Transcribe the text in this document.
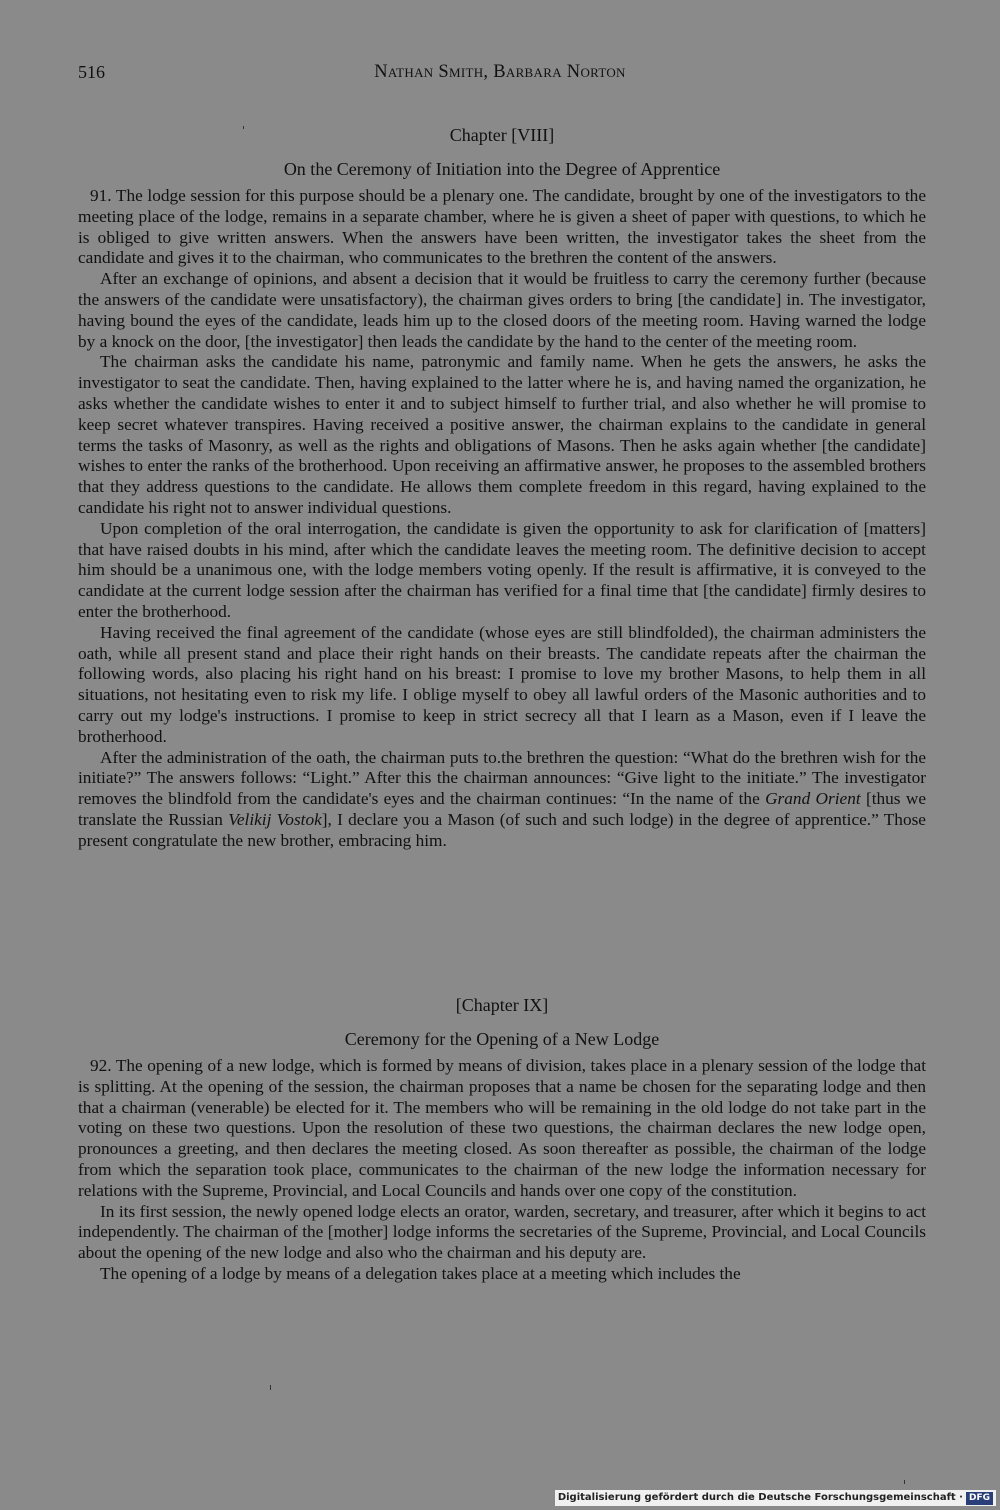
516	Nathan Smith, Barbara Norton
Chapter [VIII]
On the Ceremony of Initiation into the Degree of Apprentice

91. The lodge session for this purpose should be a plenary one. The candidate, brought by one of the investigators to the meeting place of the lodge, remains in a separate chamber, where he is given a sheet of paper with questions, to which he is obliged to give written answers. When the answers have been written, the investigator takes the sheet from the candidate and gives it to the chairman, who communicates to the brethren the content of the answers.

After an exchange of opinions, and absent a decision that it would be fruitless to carry the ceremony further (because the answers of the candidate were unsatisfactory), the chairman gives orders to bring [the candidate] in. The investigator, having bound the eyes of the candidate, leads him up to the closed doors of the meeting room. Having warned the lodge by a knock on the door, [the investigator] then leads the candidate by the hand to the center of the meeting room.

The chairman asks the candidate his name, patronymic and family name. When he gets the answers, he asks the investigator to seat the candidate. Then, having explained to the latter where he is, and having named the organization, he asks whether the candidate wishes to enter it and to subject himself to further trial, and also whether he will promise to keep secret whatever transpires. Having received a positive answer, the chairman explains to the candidate in general terms the tasks of Masonry, as well as the rights and obligations of Masons. Then he asks again whether [the candidate] wishes to enter the ranks of the brotherhood. Upon receiving an affirmative answer, he proposes to the assembled brothers that they address questions to the candidate. He allows them complete freedom in this regard, having explained to the candidate his right not to answer individual questions.

Upon completion of the oral interrogation, the candidate is given the opportunity to ask for clarification of [matters] that have raised doubts in his mind, after which the candidate leaves the meeting room. The definitive decision to accept him should be a unanimous one, with the lodge members voting openly. If the result is affirmative, it is conveyed to the candidate at the current lodge session after the chairman has verified for a final time that [the candidate] firmly desires to enter the brotherhood.

Having received the final agreement of the candidate (whose eyes are still blindfolded), the chairman administers the oath, while all present stand and place their right hands on their breasts. The candidate repeats after the chairman the following words, also placing his right hand on his breast: I promise to love my brother Masons, to help them in all situations, not hesitating even to risk my life. I oblige myself to obey all lawful orders of the Masonic authorities and to carry out my lodge's instructions. I promise to keep in strict secrecy all that I learn as a Mason, even if I leave the brotherhood.

After the administration of the oath, the chairman puts to.the brethren the question: “What do the brethren wish for the initiate?” The answers follows: “Light.” After this the chairman announces: “Give light to the initiate.” The investigator removes the blindfold from the candidate's eyes and the chairman continues: “In the name of the Grand Orient [thus we translate the Russian Velikij Vostok], I declare you a Mason (of such and such lodge) in the degree of apprentice.” Those present congratulate the new brother, embracing him.

[Chapter IX]
Ceremony for the Opening of a New Lodge

92. The opening of a new lodge, which is formed by means of division, takes place in a plenary session of the lodge that is splitting. At the opening of the session, the chairman proposes that a name be chosen for the separating lodge and then that a chairman (venerable) be elected for it. The members who will be remaining in the old lodge do not take part in the voting on these two questions. Upon the resolution of these two questions, the chairman declares the new lodge open, pronounces a greeting, and then declares the meeting closed. As soon thereafter as possible, the chairman of the lodge from which the separation took place, communicates to the chairman of the new lodge the information necessary for relations with the Supreme, Provincial, and Local Councils and hands over one copy of the constitution.

In its first session, the newly opened lodge elects an orator, warden, secretary, and treasurer, after which it begins to act independently. The chairman of the [mother] lodge informs the secretaries of the Supreme, Provincial, and Local Councils about the opening of the new lodge and also who the chairman and his deputy are.

The opening of a lodge by means of a delegation takes place at a meeting which includes the

Digitalisierung gefördert durch die Deutsche Forschungsgemeinschaft · DFG
